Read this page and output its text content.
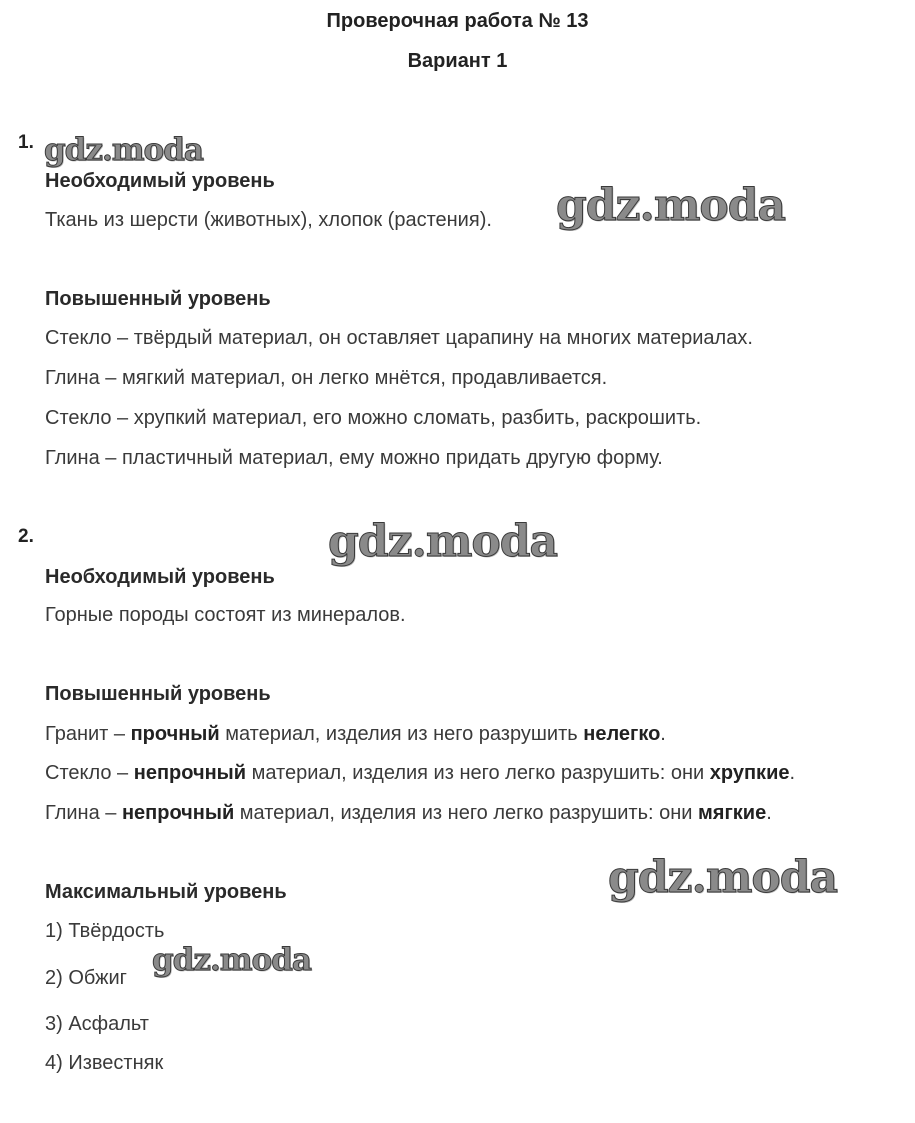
Проверочная работа № 13
Вариант 1
1. gdz.moda
Необходимый уровень
Ткань из шерсти (животных), хлопок (растения). gdz.moda
Повышенный уровень
Стекло – твёрдый материал, он оставляет царапину на многих материалах.
Глина – мягкий материал, он легко мнётся, продавливается.
Стекло – хрупкий материал, его можно сломать, разбить, раскрошить.
Глина – пластичный материал, ему можно придать другую форму.
2.	gdz.moda
Необходимый уровень
Горные породы состоят из минералов.
Повышенный уровень
Гранит – прочный материал, изделия из него разрушить нелегко.
Стекло – непрочный материал, изделия из него легко разрушить: они хрупкие.
Глина – непрочный материал, изделия из него легко разрушить: они мягкие.
gdz.moda
Максимальный уровень
1) Твёрдость
2) Обжиг gdz.moda
3) Асфальт
4) Известняк
